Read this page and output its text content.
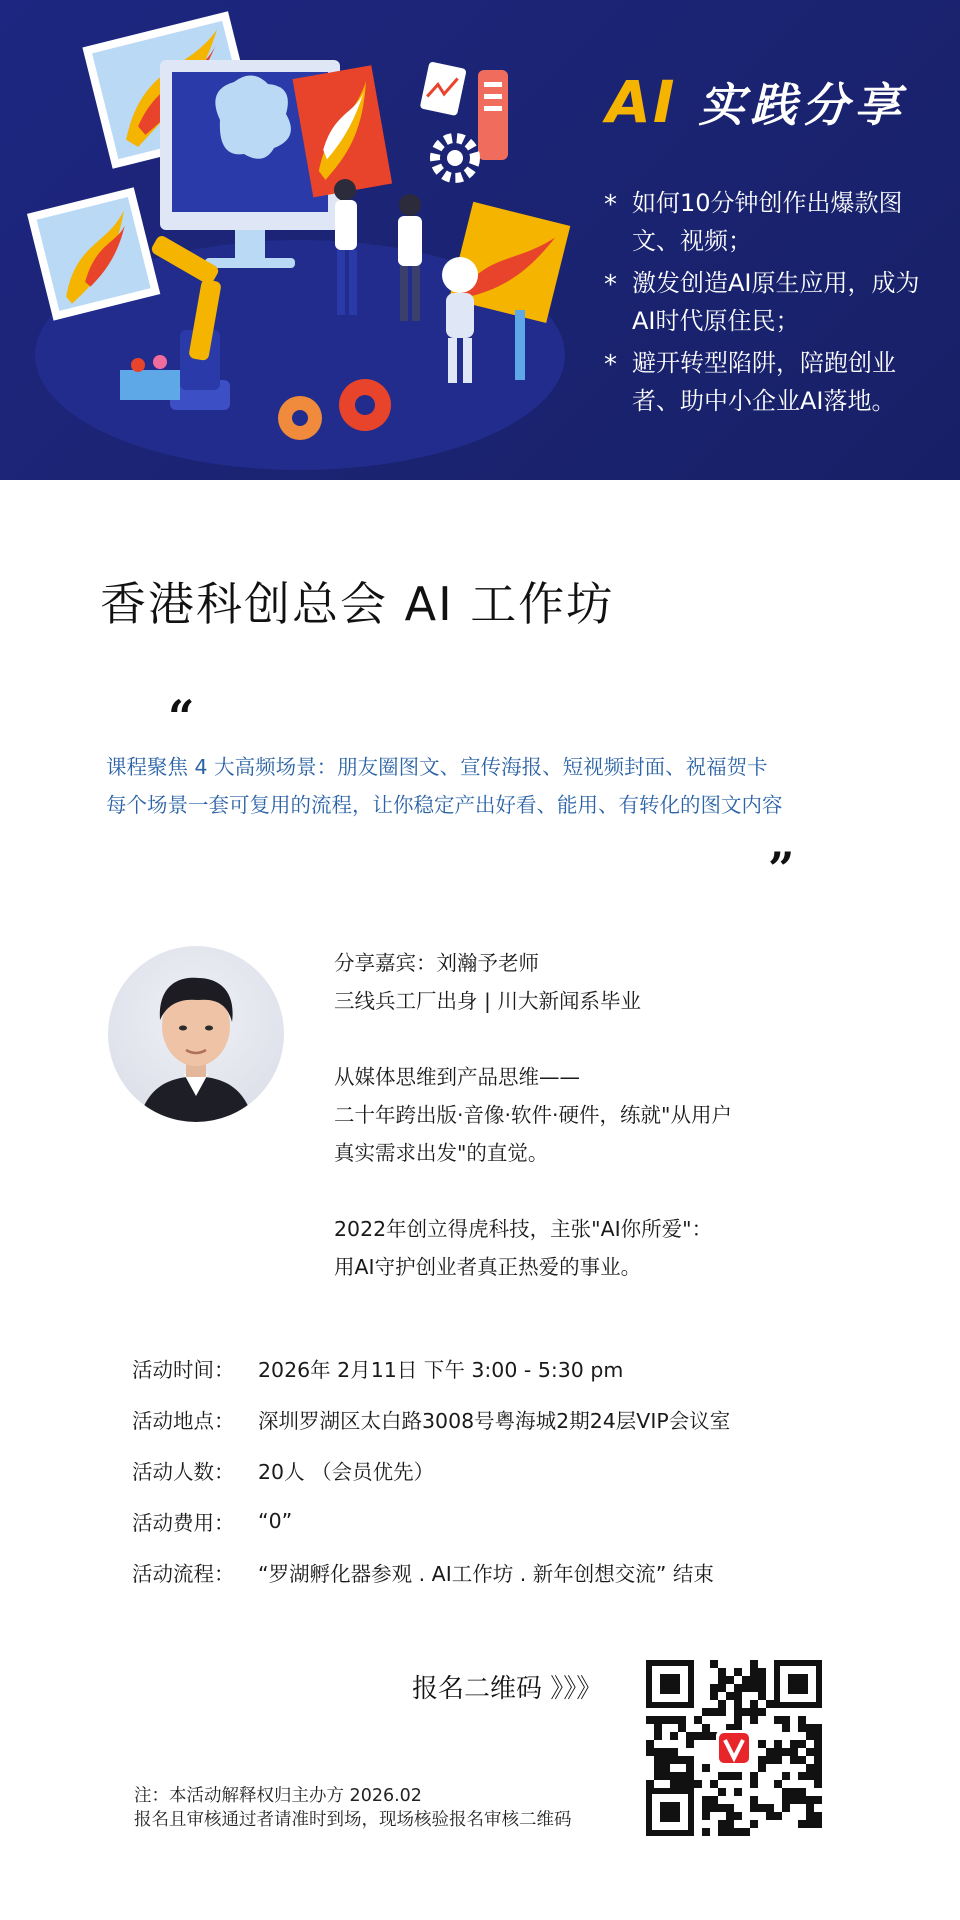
AI 实践分享
* 如何10分钟创作出爆款图文、视频；
* 激发创造AI原生应用，成为AI时代原住民；
* 避开转型陷阱，陪跑创业者、助中小企业AI落地。
香港科创总会 AI 工作坊
“

课程聚焦 4 大高频场景：朋友圈图文、宣传海报、短视频封面、祝福贺卡

每个场景一套可复用的流程，让你稳定产出好看、能用、有转化的图文内容

”

分享嘉宾：刘瀚予老师

三线兵工厂出身 | 川大新闻系毕业

从媒体思维到产品思维——

二十年跨出版·音像·软件·硬件，练就"从用户

真实需求出发"的直觉。

2022年创立得虎科技，主张"AI你所爱"：

用AI守护创业者真正热爱的事业。

活动时间：	2026年 2月11日 下午 3:00 - 5:30 pm
活动地点：	深圳罗湖区太白路3008号粤海城2期24层VIP会议室
活动人数：	20人 （会员优先）
活动费用：	“0”
活动流程：	“罗湖孵化器参观 . AI工作坊 . 新年创想交流” 结束
报名二维码 》》》

注：本活动解释权归主办方 2026.02

报名且审核通过者请准时到场，现场核验报名审核二维码
